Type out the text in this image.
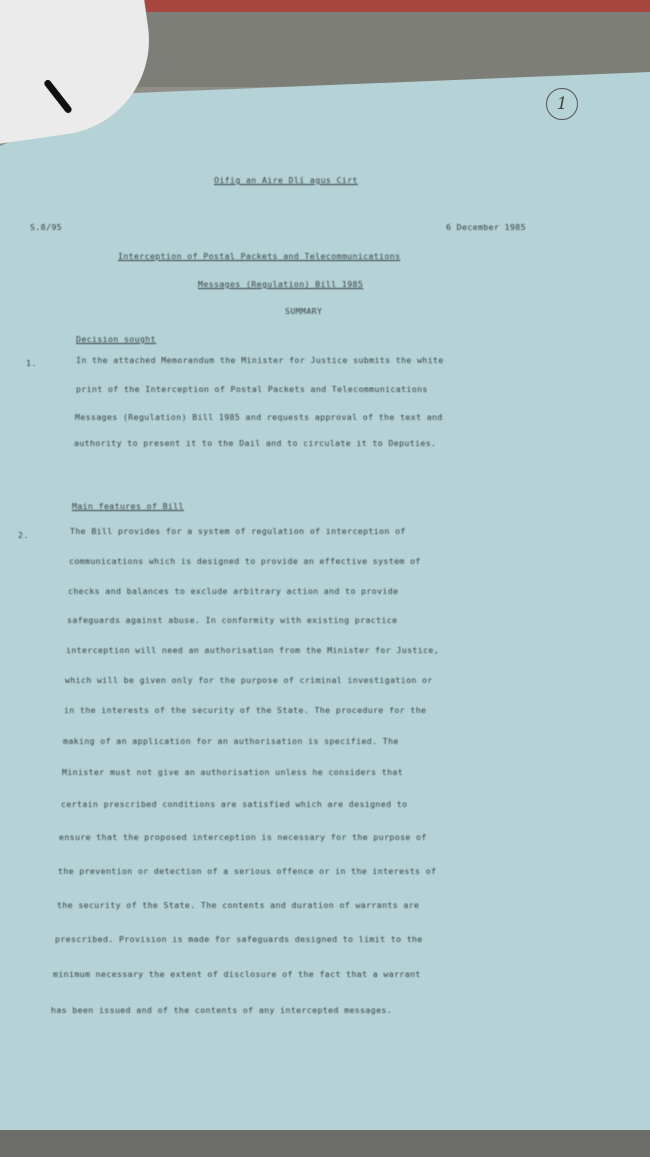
1
Oifig an Aire Dlí agus Cirt
S.8/95	6 December 1985
Interception of Postal Packets and Telecommunications
Messages (Regulation) Bill 1985
SUMMARY
Decision sought
1.	In the attached Memorandum the Minister for Justice submits the white
print of the Interception of Postal Packets and Telecommunications
Messages (Regulation) Bill 1985 and requests approval of the text and
authority to present it to the Dail and to circulate it to Deputies.
Main features of Bill
2.	The Bill provides for a system of regulation of interception of
communications which is designed to provide an effective system of
checks and balances to exclude arbitrary action and to provide
safeguards against abuse. In conformity with existing practice
interception will need an authorisation from the Minister for Justice,
which will be given only for the purpose of criminal investigation or
in the interests of the security of the State. The procedure for the
making of an application for an authorisation is specified. The
Minister must not give an authorisation unless he considers that
certain prescribed conditions are satisfied which are designed to
ensure that the proposed interception is necessary for the purpose of
the prevention or detection of a serious offence or in the interests of
the security of the State. The contents and duration of warrants are
prescribed. Provision is made for safeguards designed to limit to the
minimum necessary the extent of disclosure of the fact that a warrant
has been issued and of the contents of any intercepted messages.
